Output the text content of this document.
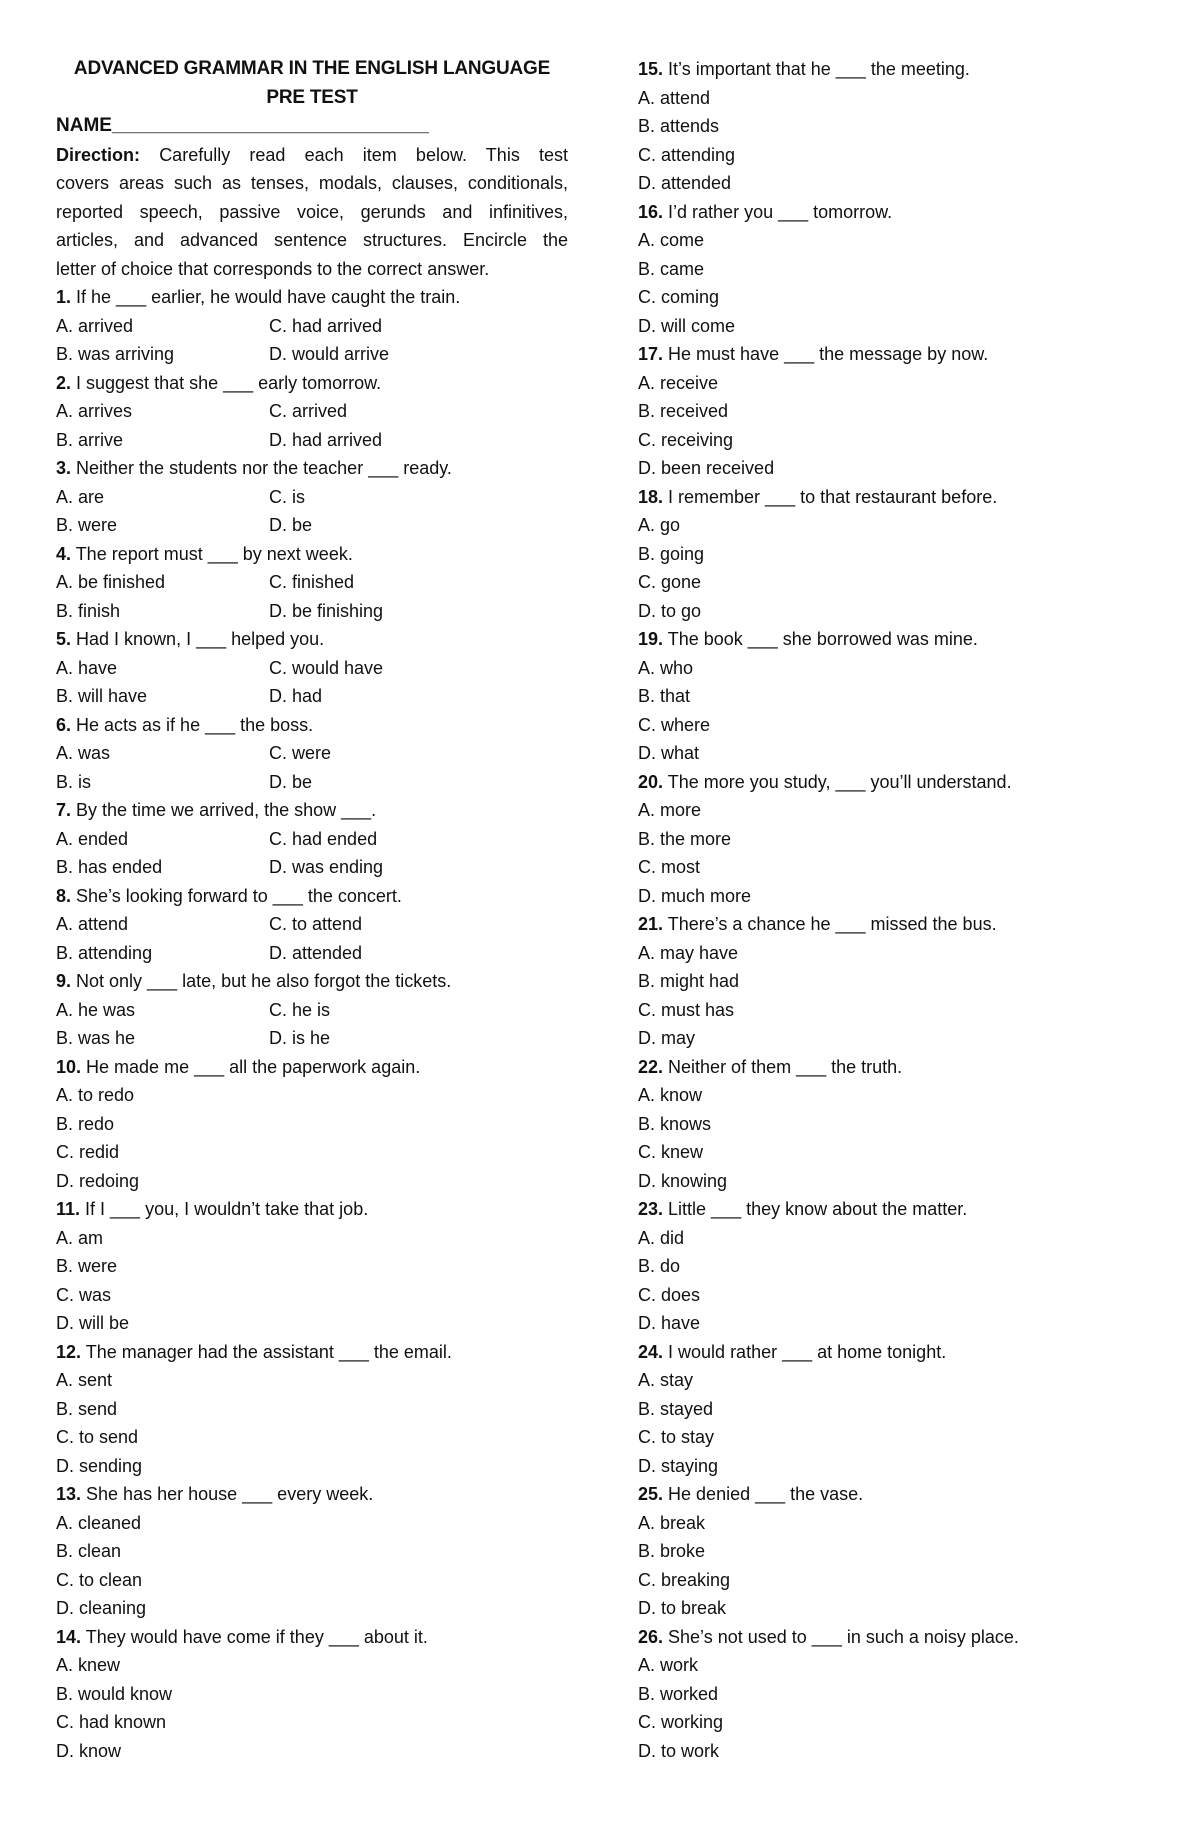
ADVANCED GRAMMAR IN THE ENGLISH LANGUAGE
PRE TEST
NAME______________________________
Direction: Carefully read each item below. This test
covers areas such as tenses, modals, clauses, conditionals,
reported speech, passive voice, gerunds and infinitives,
articles, and advanced sentence structures. Encircle the
letter of choice that corresponds to the correct answer.
1. If he ___ earlier, he would have caught the train.
A. arrived	C. had arrived
B. was arriving	D. would arrive
2. I suggest that she ___ early tomorrow.
A. arrives	C. arrived
B. arrive	D. had arrived
3. Neither the students nor the teacher ___ ready.
A. are	C. is
B. were	D. be
4. The report must ___ by next week.
A. be finished	C. finished
B. finish	D. be finishing
5. Had I known, I ___ helped you.
A. have	C. would have
B. will have	D. had
6. He acts as if he ___ the boss.
A. was	C. were
B. is	D. be
7. By the time we arrived, the show ___.
A. ended	C. had ended
B. has ended	D. was ending
8. She’s looking forward to ___ the concert.
A. attend	C. to attend
B. attending	D. attended
9. Not only ___ late, but he also forgot the tickets.
A. he was	C. he is
B. was he	D. is he
10. He made me ___ all the paperwork again.
A. to redo
B. redo
C. redid
D. redoing
11. If I ___ you, I wouldn’t take that job.
A. am
B. were
C. was
D. will be
12. The manager had the assistant ___ the email.
A. sent
B. send
C. to send
D. sending
13. She has her house ___ every week.
A. cleaned
B. clean
C. to clean
D. cleaning
14. They would have come if they ___ about it.
A. knew
B. would know
C. had known
D. know
15. It’s important that he ___ the meeting.
A. attend
B. attends
C. attending
D. attended
16. I’d rather you ___ tomorrow.
A. come
B. came
C. coming
D. will come
17. He must have ___ the message by now.
A. receive
B. received
C. receiving
D. been received
18. I remember ___ to that restaurant before.
A. go
B. going
C. gone
D. to go
19. The book ___ she borrowed was mine.
A. who
B. that
C. where
D. what
20. The more you study, ___ you’ll understand.
A. more
B. the more
C. most
D. much more
21. There’s a chance he ___ missed the bus.
A. may have
B. might had
C. must has
D. may
22. Neither of them ___ the truth.
A. know
B. knows
C. knew
D. knowing
23. Little ___ they know about the matter.
A. did
B. do
C. does
D. have
24. I would rather ___ at home tonight.
A. stay
B. stayed
C. to stay
D. staying
25. He denied ___ the vase.
A. break
B. broke
C. breaking
D. to break
26. She’s not used to ___ in such a noisy place.
A. work
B. worked
C. working
D. to work
